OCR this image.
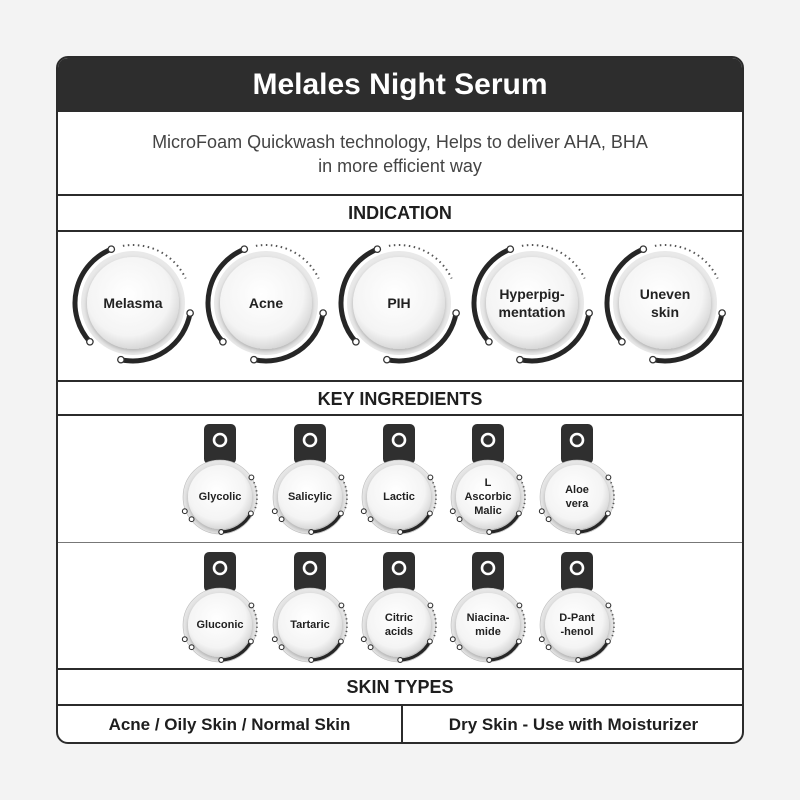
Melales Night Serum
MicroFoam Quickwash technology, Helps to deliver AHA, BHA
in more efficient way
INDICATION
Melasma	Acne	PIH
Hyperpig-
mentation
Uneven
skin
KEY INGREDIENTS
Glycolic	Salicylic	Lactic
L
Ascorbic
Malic
Aloe
vera
Gluconic	Tartaric
Citric
acids
Niacina-
mide
D-Pant
-henol
SKIN TYPES
Acne / Oily Skin / Normal Skin	Dry Skin - Use with Moisturizer
